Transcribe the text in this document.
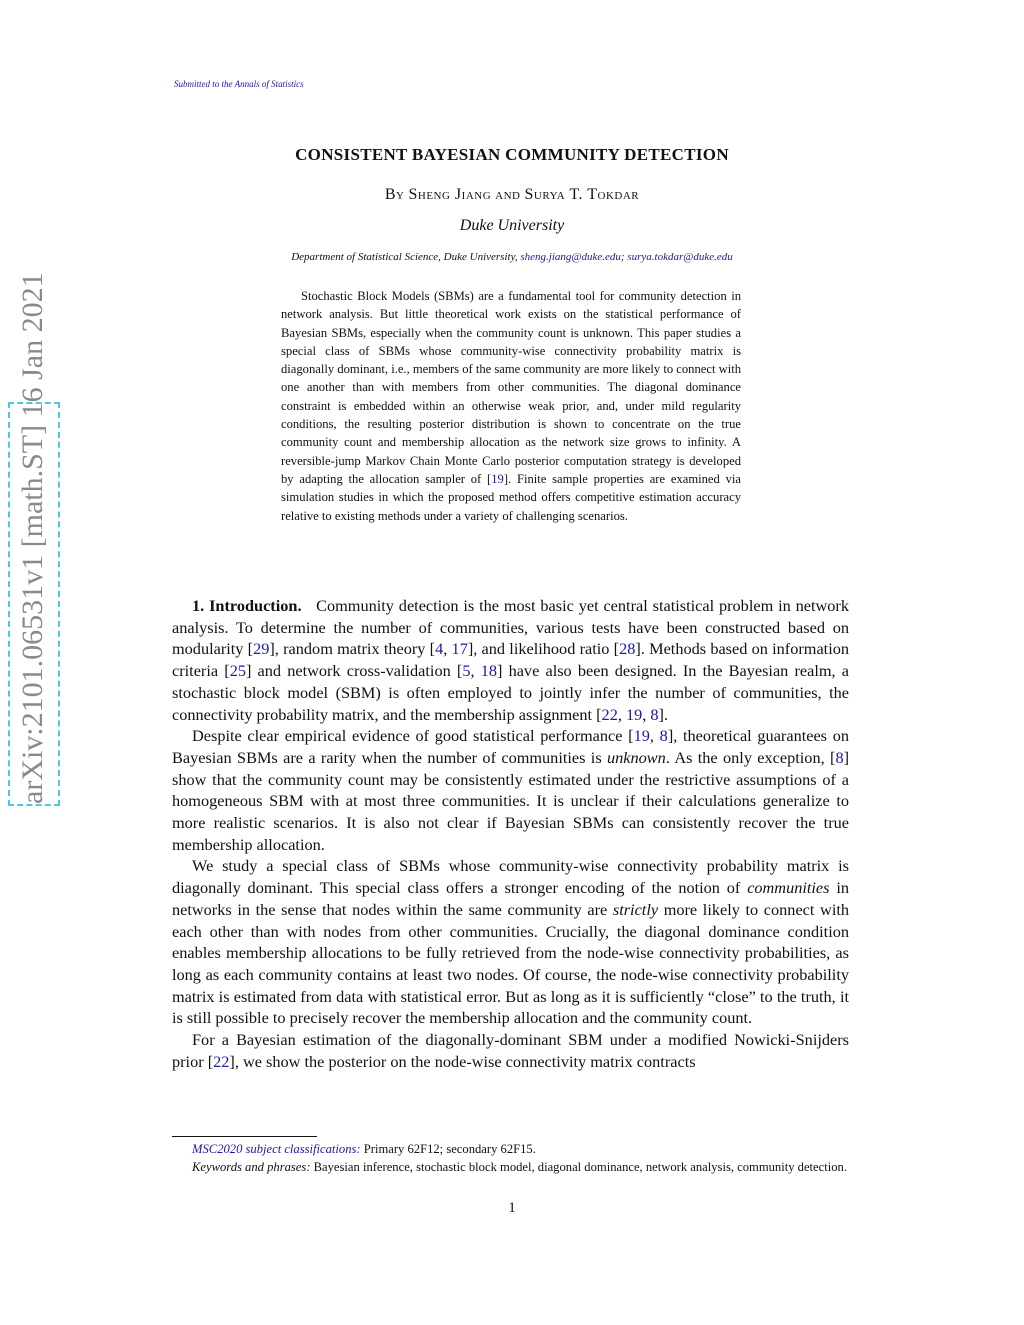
Submitted to the Annals of Statistics
CONSISTENT BAYESIAN COMMUNITY DETECTION
By Sheng Jiang and Surya T. Tokdar
Duke University
Department of Statistical Science, Duke University, sheng.jiang@duke.edu; surya.tokdar@duke.edu

Stochastic Block Models (SBMs) are a fundamental tool for community detection in network analysis. But little theoretical work exists on the statistical performance of Bayesian SBMs, especially when the community count is unknown. This paper studies a special class of SBMs whose community-wise connectivity probability matrix is diagonally dominant, i.e., members of the same community are more likely to connect with one another than with members from other communities. The diagonal dominance constraint is embedded within an otherwise weak prior, and, under mild regularity conditions, the resulting posterior distribution is shown to concentrate on the true community count and membership allocation as the network size grows to infinity. A reversible-jump Markov Chain Monte Carlo posterior computation strategy is developed by adapting the allocation sampler of [19]. Finite sample properties are examined via simulation studies in which the proposed method offers competitive estimation accuracy relative to existing methods under a variety of challenging scenarios.

arXiv:2101.06531v1 [math.ST] 16 Jan 2021	1. Introduction. Community detection is the most basic yet central statistical problem in network analysis. To determine the number of communities, various tests have been constructed based on modularity [29], random matrix theory [4, 17], and likelihood ratio [28]. Methods based on information criteria [25] and network cross-validation [5, 18] have also been designed. In the Bayesian realm, a stochastic block model (SBM) is often employed to jointly infer the number of communities, the connectivity probability matrix, and the membership assignment [22, 19, 8].

Despite clear empirical evidence of good statistical performance [19, 8], theoretical guarantees on Bayesian SBMs are a rarity when the number of communities is unknown. As the only exception, [8] show that the community count may be consistently estimated under the restrictive assumptions of a homogeneous SBM with at most three communities. It is unclear if their calculations generalize to more realistic scenarios. It is also not clear if Bayesian SBMs can consistently recover the true membership allocation.

We study a special class of SBMs whose community-wise connectivity probability matrix is diagonally dominant. This special class offers a stronger encoding of the notion of communities in networks in the sense that nodes within the same community are strictly more likely to connect with each other than with nodes from other communities. Crucially, the diagonal dominance condition enables membership allocations to be fully retrieved from the node-wise connectivity probabilities, as long as each community contains at least two nodes. Of course, the node-wise connectivity probability matrix is estimated from data with statistical error. But as long as it is sufficiently “close” to the truth, it is still possible to precisely recover the membership allocation and the community count.

For a Bayesian estimation of the diagonally-dominant SBM under a modified Nowicki-Snijders prior [22], we show the posterior on the node-wise connectivity matrix contracts

MSC2020 subject classifications: Primary 62F12; secondary 62F15.

Keywords and phrases: Bayesian inference, stochastic block model, diagonal dominance, network analysis, community detection.

1
